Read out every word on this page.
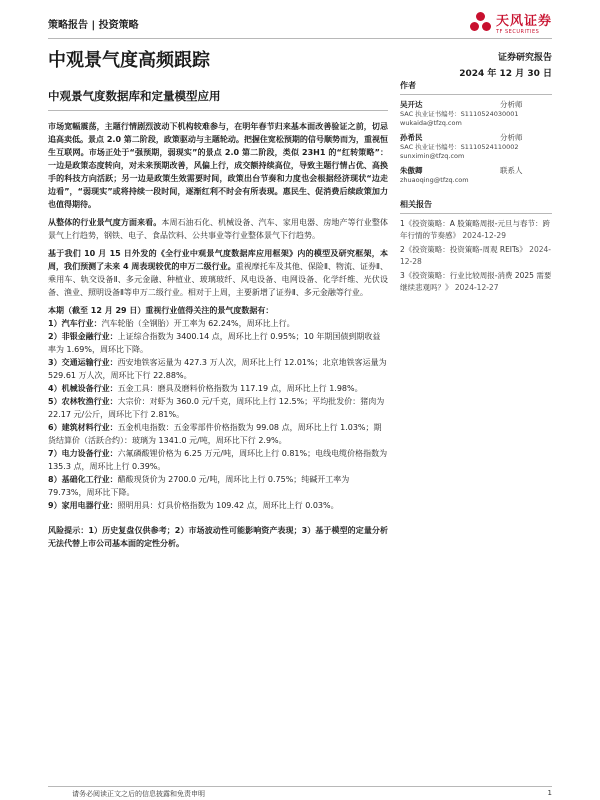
策略报告 | 投资策略	天风证券
TF SECURITIES
中观景气度高频跟踪	证券研究报告
2024 年 12 月 30 日
中观景气度数据库和定量模型应用

市场宽幅震荡，主题行情剧烈波动下机构较难参与，在明年春节归来基本面改善验证之前，切忌追高卖低。景点 2.0 第二阶段，政策驱动与主题轮动。把握住宽松预期的信号顺势而为，重视恒生互联网。市场正处于“强预期，弱现实”的景点 2.0 第二阶段，类似 23H1 的“红转策略”：一边是政策态度转向，对未来预期改善，风偏上行，成交额持续高位，导致主题行情占优、高换手的科技方向活跃；另一边是政策生效需要时间，政策出台节奏和力度也会根据经济现状“边走边看”，“弱现实”或将持续一段时间，逐渐红利不时会有所表现。惠民生、促消费后续政策加力也值得期待。

从整体的行业景气度方面来看。本周石油石化、机械设备、汽车、家用电器、房地产等行业整体景气上行趋势，钢铁、电子、食品饮料、公共事业等行业整体景气下行趋势。

基于我们 10 月 15 日外发的《全行业中观景气度数据库应用框架》内的模型及研究框架，本周，我们预测了未来 4 周表现较优的申万二级行业。重视摩托车及其他、保险Ⅱ、物流、证券Ⅱ、乘用车、轨交设备Ⅱ、多元金融、种植业、玻璃玻纤、风电设备、电网设备、化学纤维、光伏设备、渔业、照明设备Ⅱ等申万二级行业。相对于上周，主要新增了证券Ⅱ、多元金融等行业。

本期（截至 12 月 29 日）重视行业值得关注的景气度数据有：
1）汽车行业：汽车轮胎（全钢胎）开工率为 62.24%，周环比上行。
2）非银金融行业：上证综合指数为 3400.14 点，周环比上行 0.95%；10 年期国债到期收益率为 1.69%，周环比下降。
3）交通运输行业：西安地铁客运量为 427.3 万人次，周环比上行 12.01%；北京地铁客运量为 529.61 万人次，周环比下行 22.88%。
4）机械设备行业：五金工具：磨具及磨料价格指数为 117.19 点，周环比上行 1.98%。
5）农林牧渔行业：大宗价：对虾为 360.0 元/千克，周环比上行 12.5%；平均批发价：猪肉为 22.17 元/公斤，周环比下行 2.81%。
6）建筑材料行业：五金机电指数：五金零部件价格指数为 99.08 点，周环比上行 1.03%；期货结算价（活跃合约）：玻璃为 1341.0 元/吨，周环比下行 2.9%。
7）电力设备行业：六氟磷酸锂价格为 6.25 万元/吨，周环比上行 0.81%；电线电缆价格指数为 135.3 点，周环比上行 0.39%。
8）基础化工行业：醋酸现货价为 2700.0 元/吨，周环比上行 0.75%；纯碱开工率为 79.73%，周环比下降。
9）家用电器行业：照明用具：灯具价格指数为 109.42 点，周环比上行 0.03%。

风险提示：1）历史复盘仅供参考；2）市场波动性可能影响资产表现；3）基于模型的定量分析无法代替上市公司基本面的定性分析。

作者
吴开达	分析师
SAC 执业证书编号：S1110524030001
wukaida@tfzq.com
孙希民	分析师
SAC 执业证书编号：S1110524110002
sunximin@tfzq.com
朱傲卿	联系人
zhuaoqing@tfzq.com
相关报告
1《投资策略：A 股策略周报-元旦与春节：跨年行情的节奏感》 2024-12-29
2《投资策略：投资策略-周观 REITs》 2024-12-28
3《投资策略：行业比较周报-消费 2025 需要继续悲观吗？》 2024-12-27
请务必阅读正文之后的信息披露和免责申明	1
